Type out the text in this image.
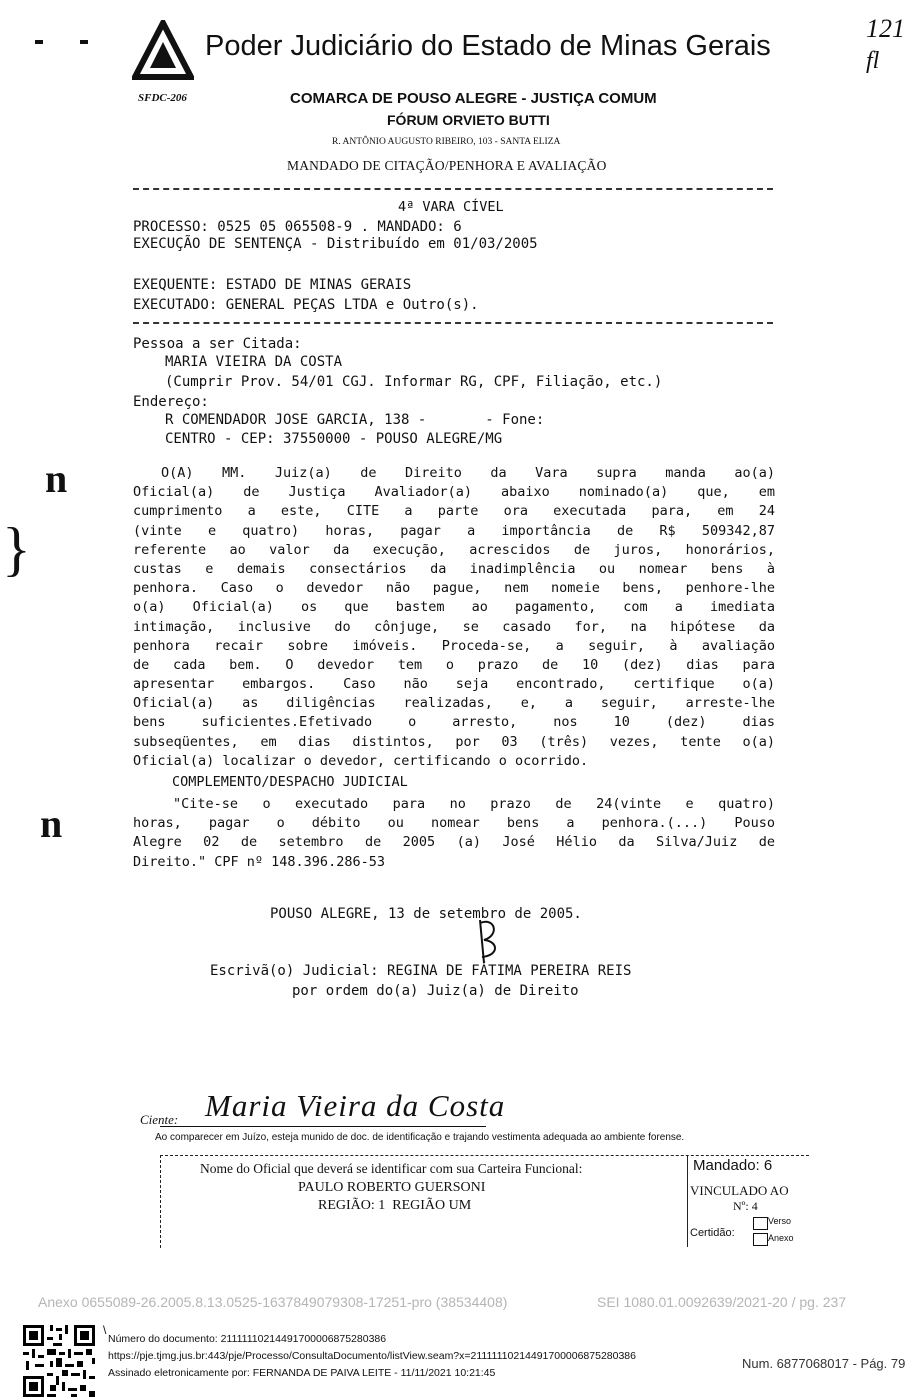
Poder Judiciário do Estado de Minas Gerais
121
fl
SFDC-206	COMARCA DE POUSO ALEGRE - JUSTIÇA COMUM
FÓRUM ORVIETO BUTTI
R. ANTÔNIO AUGUSTO RIBEIRO, 103 - SANTA ELIZA
MANDADO DE CITAÇÃO/PENHORA E AVALIAÇÃO
4ª VARA CÍVEL
PROCESSO: 0525 05 065508-9 . MANDADO: 6
EXECUÇÃO DE SENTENÇA - Distribuído em 01/03/2005
EXEQUENTE: ESTADO DE MINAS GERAIS
EXECUTADO: GENERAL PEÇAS LTDA e Outro(s).
Pessoa a ser Citada:
MARIA VIEIRA DA COSTA
(Cumprir Prov. 54/01 CGJ. Informar RG, CPF, Filiação, etc.)
Endereço:
R COMENDADOR JOSE GARCIA, 138 -       - Fone:
CENTRO - CEP: 37550000 - POUSO ALEGRE/MG
n
}
n
O(A) MM. Juiz(a) de Direito da Vara supra manda ao(a)
Oficial(a) de Justiça Avaliador(a) abaixo nominado(a) que, em
cumprimento a este, CITE a parte ora executada para, em 24
(vinte e quatro) horas, pagar a importância de R$ 509342,87
referente ao valor da execução, acrescidos de juros, honorários,
custas e demais consectários da inadimplência ou nomear bens à
penhora. Caso o devedor não pague, nem nomeie bens, penhore-lhe
o(a) Oficial(a) os que bastem ao pagamento, com a imediata
intimação, inclusive do cônjuge, se casado for, na hipótese da
penhora recair sobre imóveis. Proceda-se, a seguir, à avaliação
de cada bem. O devedor tem o prazo de 10 (dez) dias para
apresentar embargos. Caso não seja encontrado, certifique o(a)
Oficial(a) as diligências realizadas, e, a seguir, arreste-lhe
bens suficientes.Efetivado o arresto, nos 10 (dez) dias
subseqüentes, em dias distintos, por 03 (três) vezes, tente o(a)
Oficial(a) localizar o devedor, certificando o ocorrido.
COMPLEMENTO/DESPACHO JUDICIAL
"Cite-se o executado para no prazo de 24(vinte e quatro)
horas, pagar o débito ou nomear bens a penhora.(...) Pouso
Alegre 02 de setembro de 2005 (a) José Hélio da Silva/Juiz de
Direito." CPF nº 148.396.286-53
POUSO ALEGRE, 13 de setembro de 2005.
Escrivã(o) Judicial: REGINA DE FÁTIMA PEREIRA REIS
por ordem do(a) Juiz(a) de Direito
Ciente: Maria Vieira da Costa
Ao comparecer em Juízo, esteja munido de doc. de identificação e trajando vestimenta adequada ao ambiente forense.
Nome do Oficial que deverá se identificar com sua Carteira Funcional:
PAULO ROBERTO GUERSONI
REGIÃO: 1  REGIÃO UM
Mandado: 6
VINCULADO AO
Nº: 4
Certidão:
Verso
Anexo
Anexo 0655089-26.2005.8.13.0525-1637849079308-17251-pro (38534408)	SEI 1080.01.0092639/2021-20 / pg. 237
\
Número do documento: 21111110214491700006875280386
https://pje.tjmg.jus.br:443/pje/Processo/ConsultaDocumento/listView.seam?x=21111110214491700006875280386
Assinado eletronicamente por: FERNANDA DE PAIVA LEITE - 11/11/2021 10:21:45
Num. 6877068017 - Pág. 79
